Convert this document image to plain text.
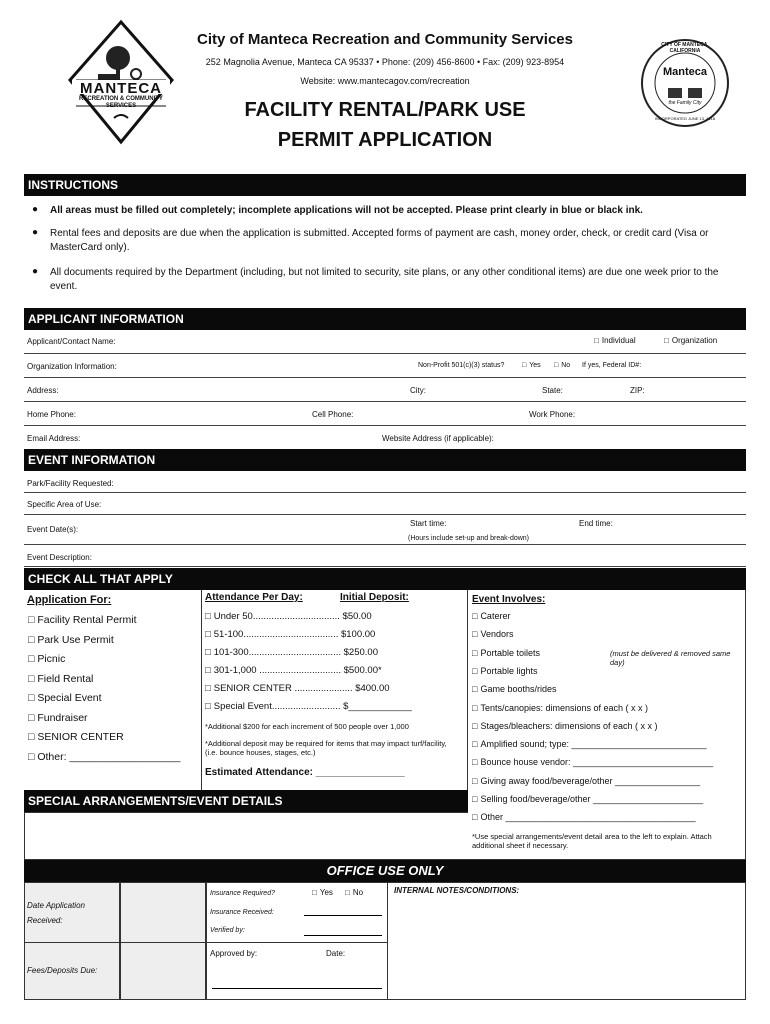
MANTECA
RECREATION & COMMUNITY SERVICES
City of Manteca Recreation and Community Services
252 Magnolia Avenue, Manteca CA 95337 • Phone: (209) 456-8600 • Fax: (209) 923-8954
Website: www.mantecagov.com/recreation
FACILITY RENTAL/PARK USE
PERMIT APPLICATION
CITY OF MANTECA, CALIFORNIA
Manteca
the Family City
INCORPORATED JUNE 13, 1918
INSTRUCTIONS
● All areas must be filled out completely; incomplete applications will not be accepted. Please print clearly in blue or black ink.
● Rental fees and deposits are due when the application is submitted. Accepted forms of payment are cash, money order, check, or credit card (Visa or MasterCard only).
● All documents required by the Department (including, but not limited to security, site plans, or any other conditional items) are due one week prior to the event.
APPLICANT INFORMATION
Applicant/Contact Name:	□ Individual	□ Organization
Organization Information:	Non-Profit 501(c)(3) status?	□ Yes	□ No If yes, Federal ID#:
Address:	City:	State:	ZIP:
Home Phone:	Cell Phone:	Work Phone:
Email Address:	Website Address (if applicable):
EVENT INFORMATION
Park/Facility Requested:
Specific Area of Use:
Event Date(s):
Start time:	End time:
(Hours include set-up and break-down)
Event Description:
CHECK ALL THAT APPLY
Application For:
□ Facility Rental Permit
□ Park Use Permit
□ Picnic
□ Field Rental
□ Special Event
□ Fundraiser
□ SENIOR CENTER
□ Other: ___________________
Attendance Per Day:	Initial Deposit:
□ Under 50................................. $50.00
□ 51-100.................................... $100.00
□ 101-300................................... $250.00
□ 301-1,000 ............................... $500.00*
□ SENIOR CENTER ...................... $400.00
□ Special Event.......................... $____________
*Additional $200 for each increment of 500 people over 1,000
*Additional deposit may be required for items that may impact turf/facility, (i.e. bounce houses, stages, etc.)
Estimated Attendance: ________________
Event Involves:
□ Caterer
□ Vendors
□ Portable toilets
□ Portable lights
□ Game booths/rides
□ Tents/canopies: dimensions of each ( x x )
□ Stages/bleachers: dimensions of each ( x x )
□ Amplified sound; type: ___________________________
□ Bounce house vendor: ____________________________
□ Giving away food/beverage/other _________________
□ Selling food/beverage/other ______________________
□ Other ______________________________________
(must be delivered & removed same day)
*Use special arrangements/event detail area to the left to explain. Attach additional sheet if necessary.
SPECIAL ARRANGEMENTS/EVENT DETAILS
OFFICE USE ONLY
Date Application Received:
Fees/Deposits Due:
Insurance Required?	□ Yes	□ No
Insurance Received:
Verified by:
Approved by:	Date:
INTERNAL NOTES/CONDITIONS:
